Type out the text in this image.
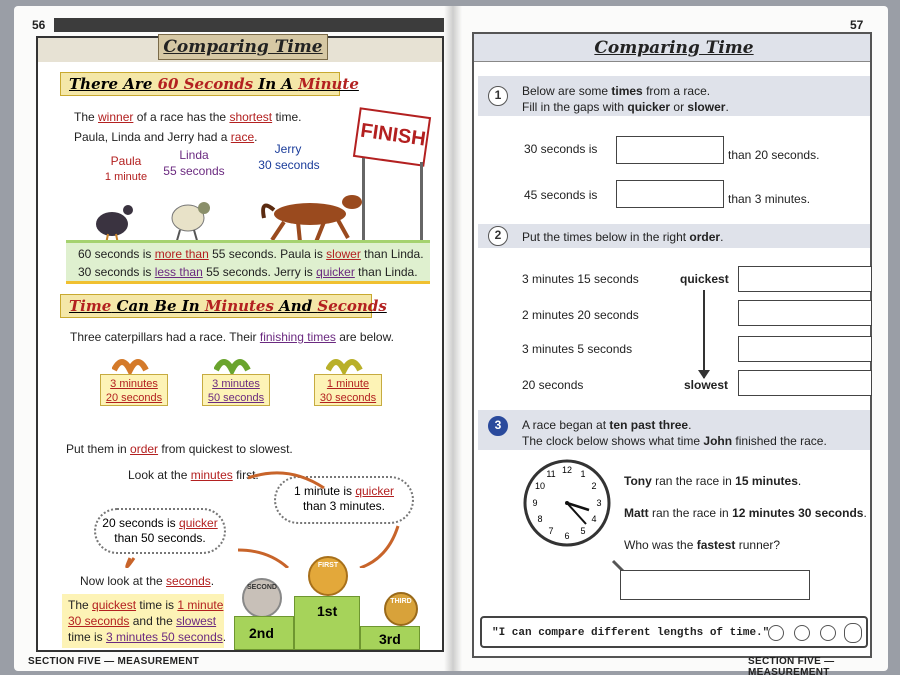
56
Comparing Time
There Are 60 Seconds In A Minute
The winner of a race has the shortest time.
Paula, Linda and Jerry had a race.
Paula
1 minute
Linda
55 seconds
Jerry
30 seconds
FINISH
60 seconds is more than 55 seconds. Paula is slower than Linda.
30 seconds is less than 55 seconds. Jerry is quicker than Linda.
Time Can Be In Minutes And Seconds
Three caterpillars had a race. Their finishing times are below.
3 minutes
20 seconds
3 minutes
50 seconds
1 minute
30 seconds
Put them in order from quickest to slowest.
Look at the minutes first.
1 minute is quicker
than 3 minutes.
20 seconds is quicker
than 50 seconds.
Now look at the seconds.
The quickest time is 1 minute
30 seconds and the slowest
time is 3 minutes 50 seconds.
FIRST
SECOND
THIRD
1st
2nd	3rd
SECTION FIVE — MEASUREMENT
57
Comparing Time
1	Below are some times from a race.
Fill in the gaps with quicker or slower.
30 seconds is	than 20 seconds.
45 seconds is	than 3 minutes.
2	Put the times below in the right order.
3 minutes 15 seconds
2 minutes 20 seconds
3 minutes 5 seconds
20 seconds
quickest
slowest
3	A race began at ten past three.
The clock below shows what time John finished the race.
12 1
2
3
4
5
6
7
8
9
10
11	Tony ran the race in 15 minutes.
Matt ran the race in 12 minutes 30 seconds.
Who was the fastest runner?
"I can compare different lengths of time."
SECTION FIVE — MEASUREMENT
